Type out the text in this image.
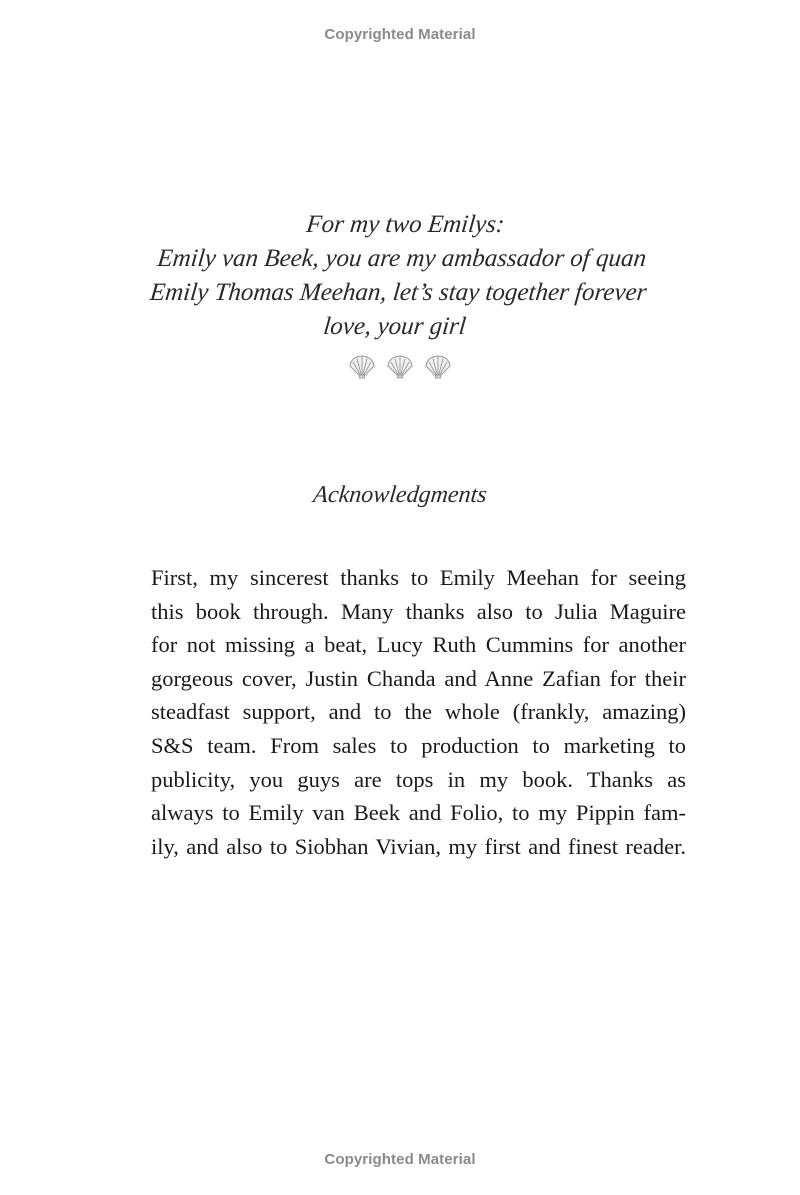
Copyrighted Material
For my two Emilys:
Emily van Beek, you are my ambassador of quan
Emily Thomas Meehan, let’s stay together forever
love, your girl
Acknowledgments
First, my sincerest thanks to Emily Meehan for seeing
this book through. Many thanks also to Julia Maguire
for not missing a beat, Lucy Ruth Cummins for another
gorgeous cover, Justin Chanda and Anne Zafian for their
steadfast support, and to the whole (frankly, amazing)
S&S team. From sales to production to marketing to
publicity, you guys are tops in my book. Thanks as
always to Emily van Beek and Folio, to my Pippin fam-
ily, and also to Siobhan Vivian, my first and finest reader.
Copyrighted Material
